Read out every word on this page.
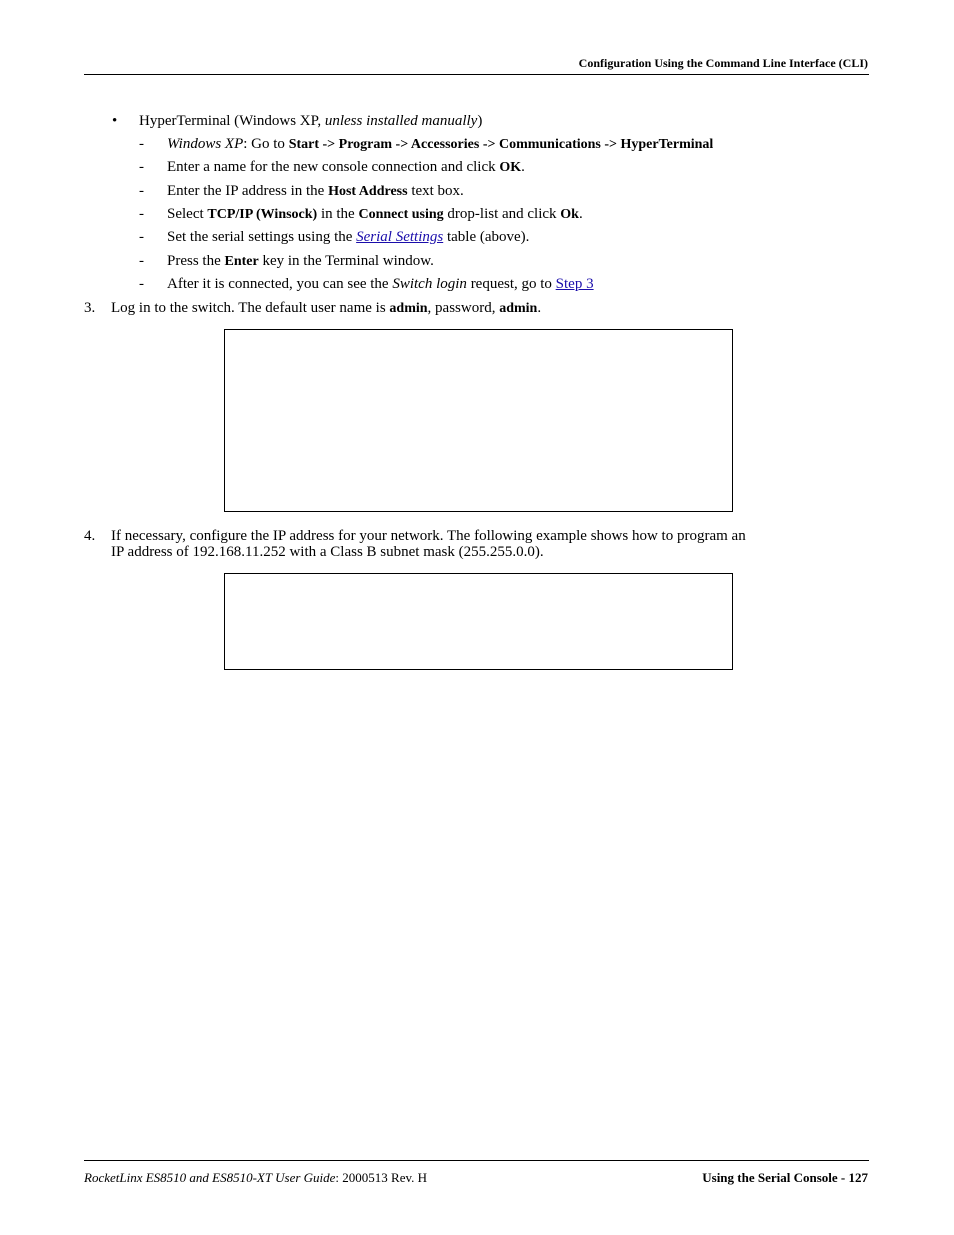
Configuration Using the Command Line Interface (CLI)
• HyperTerminal (Windows XP, unless installed manually)
- Windows XP: Go to Start -> Program -> Accessories -> Communications -> HyperTerminal
- Enter a name for the new console connection and click OK.
- Enter the IP address in the Host Address text box.
- Select TCP/IP (Winsock) in the Connect using drop-list and click Ok.
- Set the serial settings using the Serial Settings table (above).
- Press the Enter key in the Terminal window.
- After it is connected, you can see the Switch login request, go to Step 3
3. Log in to the switch. The default user name is admin, password, admin.
4. If necessary, configure the IP address for your network. The following example shows how to program an
IP address of 192.168.11.252 with a Class B subnet mask (255.255.0.0).
RocketLinx ES8510 and ES8510-XT User Guide: 2000513 Rev. H	Using the Serial Console - 127
